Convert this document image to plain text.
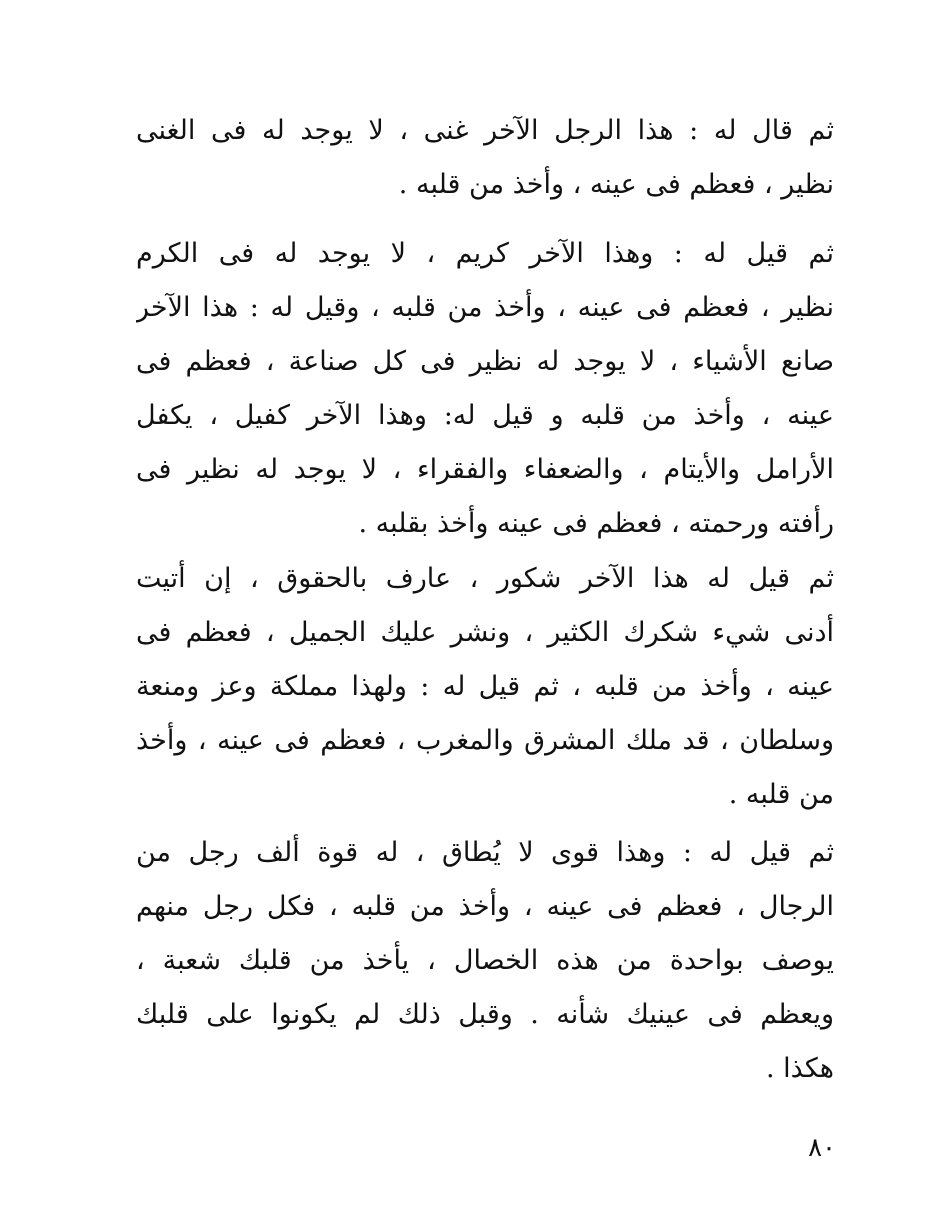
ثم قال له : هذا الرجل الآخر غنى ، لا يوجد له فى الغنى
نظير ، فعظم فى عينه ، وأخذ من قلبه .
ثم قيل له : وهذا الآخر كريم ، لا يوجد له فى الكرم
نظير ، فعظم فى عينه ، وأخذ من قلبه ، وقيل له : هذا الآخر
صانع الأشياء ، لا يوجد له نظير فى كل صناعة ، فعظم فى
عينه ، وأخذ من قلبه و قيل له: وهذا الآخر كفيل ، يكفل
الأرامل والأيتام ، والضعفاء والفقراء ، لا يوجد له نظير فى
رأفته ورحمته ، فعظم فى عينه وأخذ بقلبه .
ثم قيل له هذا الآخر شكور ، عارف بالحقوق ، إن أتيت
أدنى شيء شكرك الكثير ، ونشر عليك الجميل ، فعظم فى
عينه ، وأخذ من قلبه ، ثم قيل له : ولهذا مملكة وعز ومنعة
وسلطان ، قد ملك المشرق والمغرب ، فعظم فى عينه ، وأخذ
من قلبه .
ثم قيل له : وهذا قوى لا يُطاق ، له قوة ألف رجل من
الرجال ، فعظم فى عينه ، وأخذ من قلبه ، فكل رجل منهم
يوصف بواحدة من هذه الخصال ، يأخذ من قلبك شعبة ،
ويعظم فى عينيك شأنه . وقبل ذلك لم يكونوا على قلبك
هكذا .
٨٠
